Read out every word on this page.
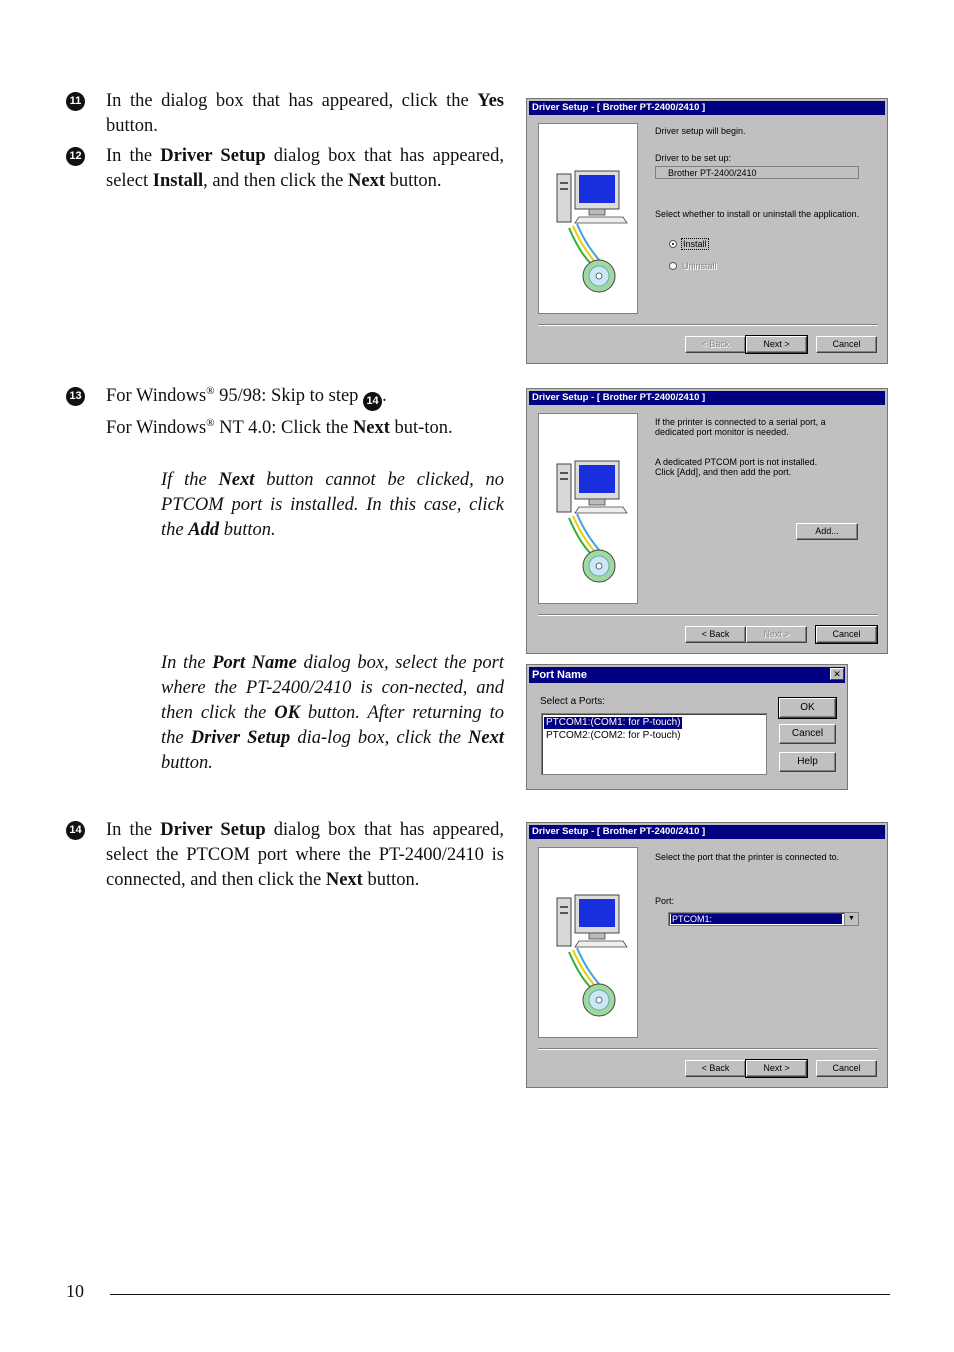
11 In the dialog box that has appeared, click the Yes button.

12 In the Driver Setup dialog box that has appeared, select Install, and then click the Next button.

13 For Windows® 95/98: Skip to step 14 .

For Windows® NT 4.0: Click the Next but-ton.

If the Next button cannot be clicked, no PTCOM port is installed. In this case, click the Add button.
In the Port Name dialog box, select the port where the PT-2400/2410 is con-nected, and then click the OK button. After returning to the Driver Setup dia-log box, click the Next button.
14 In the Driver Setup dialog box that has appeared, select the PTCOM port where the PT-2400/2410 is connected, and then click the Next button.

Driver Setup - [ Brother PT-2400/2410 ]
Driver setup will begin.
Driver to be set up:
Brother PT-2400/2410
Select whether to install or uninstall the application.
Install
Uninstall
< Back	Next >	Cancel
Driver Setup - [ Brother PT-2400/2410 ]
If the printer is connected to a serial port, a
dedicated port monitor is needed.
A dedicated PTCOM port is not installed.
Click [Add], and then add the port.
Add...
< Back	Next >	Cancel
Port Name	✕
Select a Ports:
PTCOM1:(COM1: for P-touch)
PTCOM2:(COM2: for P-touch)
OK
Cancel
Help
Driver Setup - [ Brother PT-2400/2410 ]
Select the port that the printer is connected to.
Port:
PTCOM1:	▼
< Back	Next >	Cancel
10
